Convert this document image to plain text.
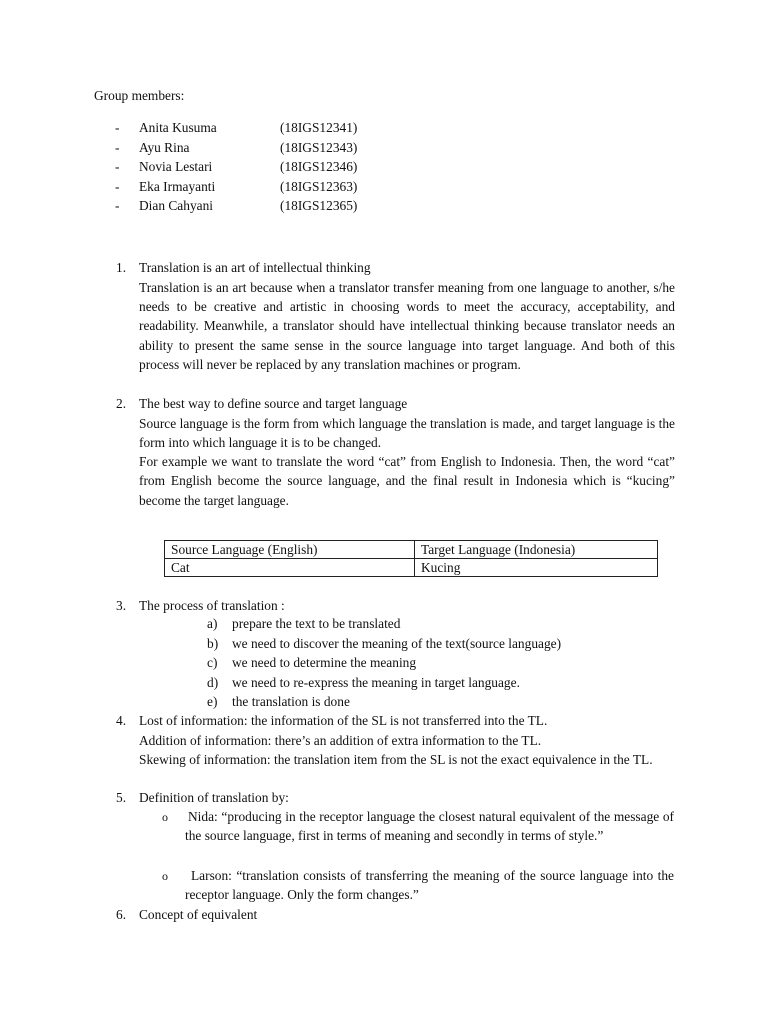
Group members:
- Anita Kusuma	(18IGS12341)
- Ayu Rina	(18IGS12343)
- Novia Lestari	(18IGS12346)
- Eka Irmayanti	(18IGS12363)
- Dian Cahyani	(18IGS12365)
1. Translation is an art of intellectual thinking
Translation is an art because when a translator transfer meaning from one language to another, s/he needs to be creative and artistic in choosing words to meet the accuracy, acceptability, and readability. Meanwhile, a translator should have intellectual thinking because translator needs an ability to present the same sense in the source language into target language. And both of this process will never be replaced by any translation machines or program.
2. The best way to define source and target language
Source language is the form from which language the translation is made, and target language is the form into which language it is to be changed.
For example we want to translate the word “cat” from English to Indonesia. Then, the word “cat” from English become the source language, and the final result in Indonesia which is “kucing” become the target language.
Source Language (English)	Target Language (Indonesia)
Cat	Kucing
3. The process of translation :
a) prepare the text to be translated
b) we need to discover the meaning of the text(source language)
c) we need to determine the meaning
d) we need to re-express the meaning in target language.
e) the translation is done
4. Lost of information: the information of the SL is not transferred into the TL.
Addition of information: there’s an addition of extra information to the TL.
Skewing of information: the translation item from the SL is not the exact equivalence in the TL.
5. Definition of translation by:
o Nida: “producing in the receptor language the closest natural equivalent of the message of the source language, first in terms of meaning and secondly in terms of style.”
o	Larson: “translation consists of transferring the meaning of the source language into the receptor language. Only the form changes.”
6. Concept of equivalent
